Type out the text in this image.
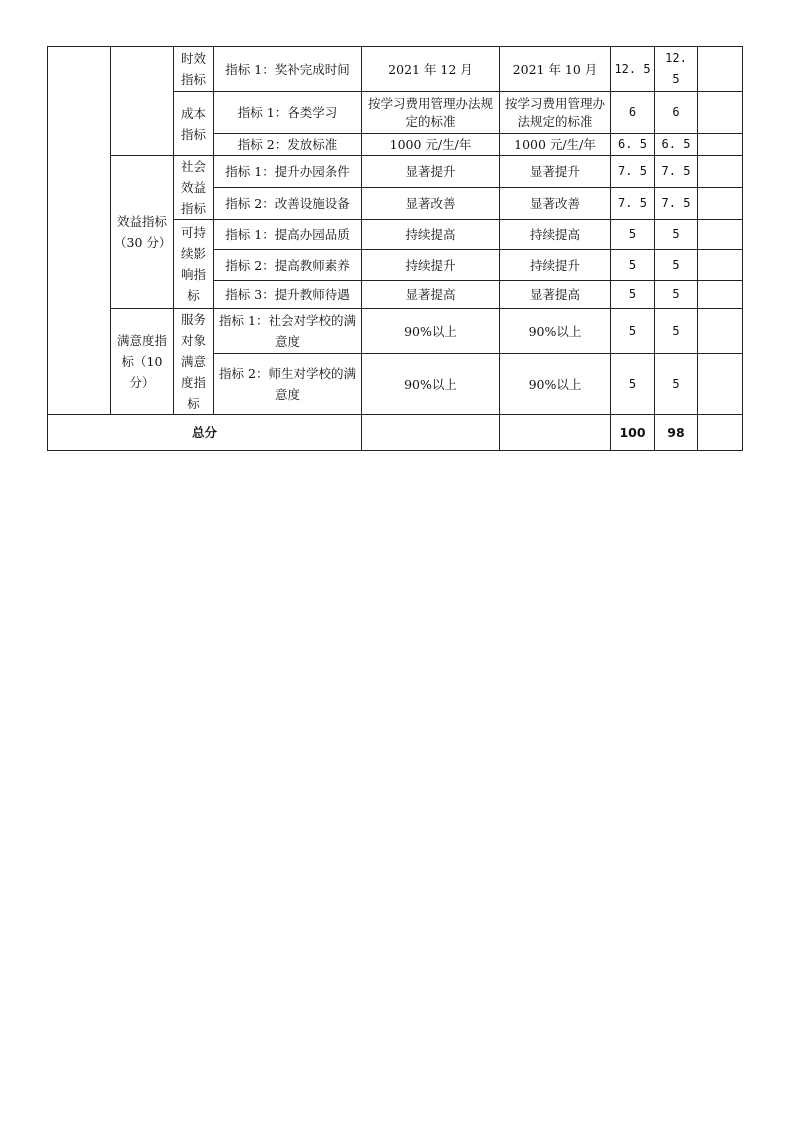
		时效指标	指标 1：奖补完成时间	2021 年 12 月	2021 年 10 月	12. 5	12. 5	
		成本指标	指标 1：各类学习	按学习费用管理办法规定的标准	按学习费用管理办法规定的标准	6	6	
			指标 2：发放标准	1000 元/生/年	1000 元/生/年	6. 5	6. 5	
	效益指标（30 分）	社会效益指标	指标 1：提升办园条件	显著提升	显著提升	7. 5	7. 5	
			指标 2：改善设施设备	显著改善	显著改善	7. 5	7. 5	
		可持续影响指标	指标 1：提高办园品质	持续提高	持续提高	5	5	
			指标 2：提高教师素养	持续提升	持续提升	5	5	
			指标 3：提升教师待遇	显著提高	显著提高	5	5	
	满意度指标（10 分）	服务对象满意度指标	指标 1：社会对学校的满意度	90%以上	90%以上	5	5	
			指标 2：师生对学校的满意度	90%以上	90%以上	5	5	
总分						100	98	
